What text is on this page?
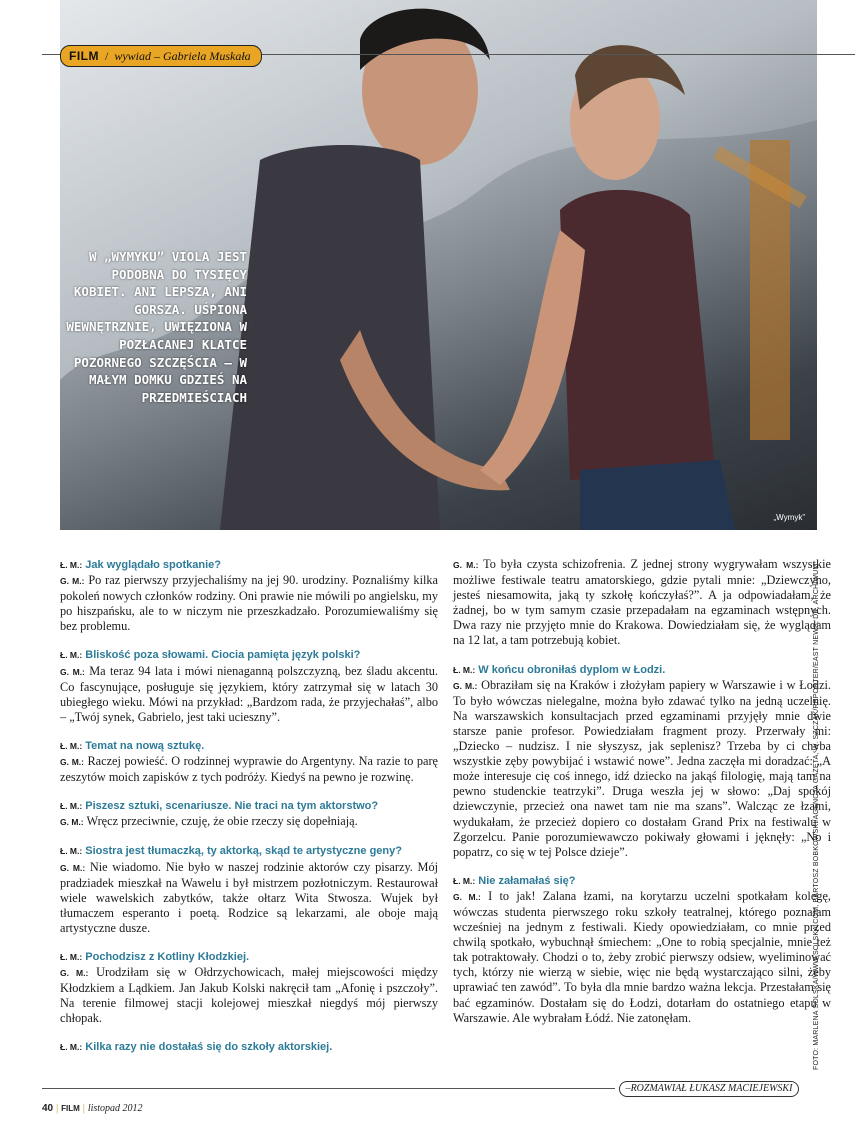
W „WYMYKU” VIOLA JEST PODOBNA DO TYSIĘCY KOBIET. ANI LEPSZA, ANI GORSZA. UŚPIONA WEWNĘTRZNIE, UWIĘZIONA W POZŁACANEJ KLATCE POZORNEGO SZCZĘŚCIA – W MAŁYM DOMKU GDZIEŚ NA PRZEDMIEŚCIACH
„Wymyk”
FILM / wywiad – Gabriela Muskała

Ł. M.: Jak wyglądało spotkanie?

G. M.: Po raz pierwszy przyjechaliśmy na jej 90. urodziny. Poznaliśmy kilka pokoleń nowych członków rodziny. Oni prawie nie mówili po angielsku, my po hiszpańsku, ale to w niczym nie przeszkadzało. Porozumiewaliśmy się bez problemu.

Ł. M.: Bliskość poza słowami. Ciocia pamięta język polski?

G. M.: Ma teraz 94 lata i mówi nienaganną polszczyzną, bez śladu akcentu. Co fascynujące, posługuje się językiem, który zatrzymał się w latach 30 ubiegłego wieku. Mówi na przykład: „Bardzom rada, że przyjechałaś”, albo – „Twój synek, Gabrielo, jest taki ucieszny”.

Ł. M.: Temat na nową sztukę.

G. M.: Raczej powieść. O rodzinnej wyprawie do Argentyny. Na razie to parę zeszytów moich zapisków z tych podróży. Kiedyś na pewno je rozwinę.

Ł. M.: Piszesz sztuki, scenariusze. Nie traci na tym aktorstwo?

G. M.: Wręcz przeciwnie, czuję, że obie rzeczy się dopełniają.

Ł. M.: Siostra jest tłumaczką, ty aktorką, skąd te artystyczne geny?

G. M.: Nie wiadomo. Nie było w naszej rodzinie aktorów czy pisarzy. Mój pradziadek mieszkał na Wawelu i był mistrzem pozłotniczym. Restaurował wiele wawelskich zabytków, także ołtarz Wita Stwosza. Wujek był tłumaczem esperanto i poetą. Rodzice są lekarzami, ale oboje mają artystyczne dusze.

Ł. M.: Pochodzisz z Kotliny Kłodzkiej.

G. M.: Urodziłam się w Ołdrzychowicach, małej miejscowości między Kłodzkiem a Lądkiem. Jan Jakub Kolski nakręcił tam „Afonię i pszczoły”. Na terenie filmowej stacji kolejowej mieszkał niegdyś mój pierwszy chłopak.

Ł. M.: Kilka razy nie dostałaś się do szkoły aktorskiej.

G. M.: To była czysta schizofrenia. Z jednej strony wygrywałam wszystkie możliwe festiwale teatru amatorskiego, gdzie pytali mnie: „Dziewczyno, jesteś niesamowita, jaką ty szkołę kończyłaś?”. A ja odpowiadałam, że żadnej, bo w tym samym czasie przepadałam na egzaminach wstępnych. Dwa razy nie przyjęto mnie do Krakowa. Dowiedziałam się, że wyglądam na 12 lat, a tam potrzebują kobiet.

Ł. M.: W końcu obroniłaś dyplom w Łodzi.

G. M.: Obraziłam się na Kraków i złożyłam papiery w Warszawie i w Łodzi. To było wówczas nielegalne, można było zdawać tylko na jedną uczelnię. Na warszawskich konsultacjach przed egzaminami przyjęły mnie dwie starsze panie profesor. Powiedziałam fragment prozy. Przerwały mi: „Dziecko – nudzisz. I nie słyszysz, jak seplenisz? Trzeba by ci chyba wszystkie zęby powybijać i wstawić nowe”. Jedna zaczęła mi doradzać: „A może interesuje cię coś innego, idź dziecko na jakąś filologię, mają tam na pewno studenckie teatrzyki”. Druga weszła jej w słowo: „Daj spokój dziewczynie, przecież ona nawet tam nie ma szans”. Walcząc ze łzami, wydukałam, że przecież dopiero co dostałam Grand Prix na festiwalu w Zgorzelcu. Panie porozumiewawczo pokiwały głowami i jęknęły: „No i popatrz, co się w tej Polsce dzieje”.

Ł. M.: Nie załamałaś się?

G. M.: I to jak! Zalana łzami, na korytarzu uczelni spotkałam kolegę, wówczas studenta pierwszego roku szkoły teatralnej, którego poznałam wcześniej na jednym z festiwali. Kiedy opowiedziałam, co mnie przed chwilą spotkało, wybuchnął śmiechem: „One to robią specjalnie, mnie też tak potraktowały. Chodzi o to, żeby zrobić pierwszy odsiew, wyeliminować tych, którzy nie wierzą w siebie, więc nie będą wystarczająco silni, żeby uprawiać ten zawód”. To była dla mnie bardzo ważna lekcja. Przestałam się bać egzaminów. Dostałam się do Łodzi, dotarłam do ostatniego etapu w Warszawie. Ale wybrałam Łódź. Nie zatonęłam.	FOTO: MARLENA SOLSKA/WWW.SOLSKA.COM, BARTOSZ BOBKOWSKI/AGENCJA GAZETA, W. SZCZAK/REPORTER/EAST NEWS, DR, ARCHIWUM
–ROZMAWIAŁ ŁUKASZ MACIEJEWSKI
40 | FILM | listopad 2012
